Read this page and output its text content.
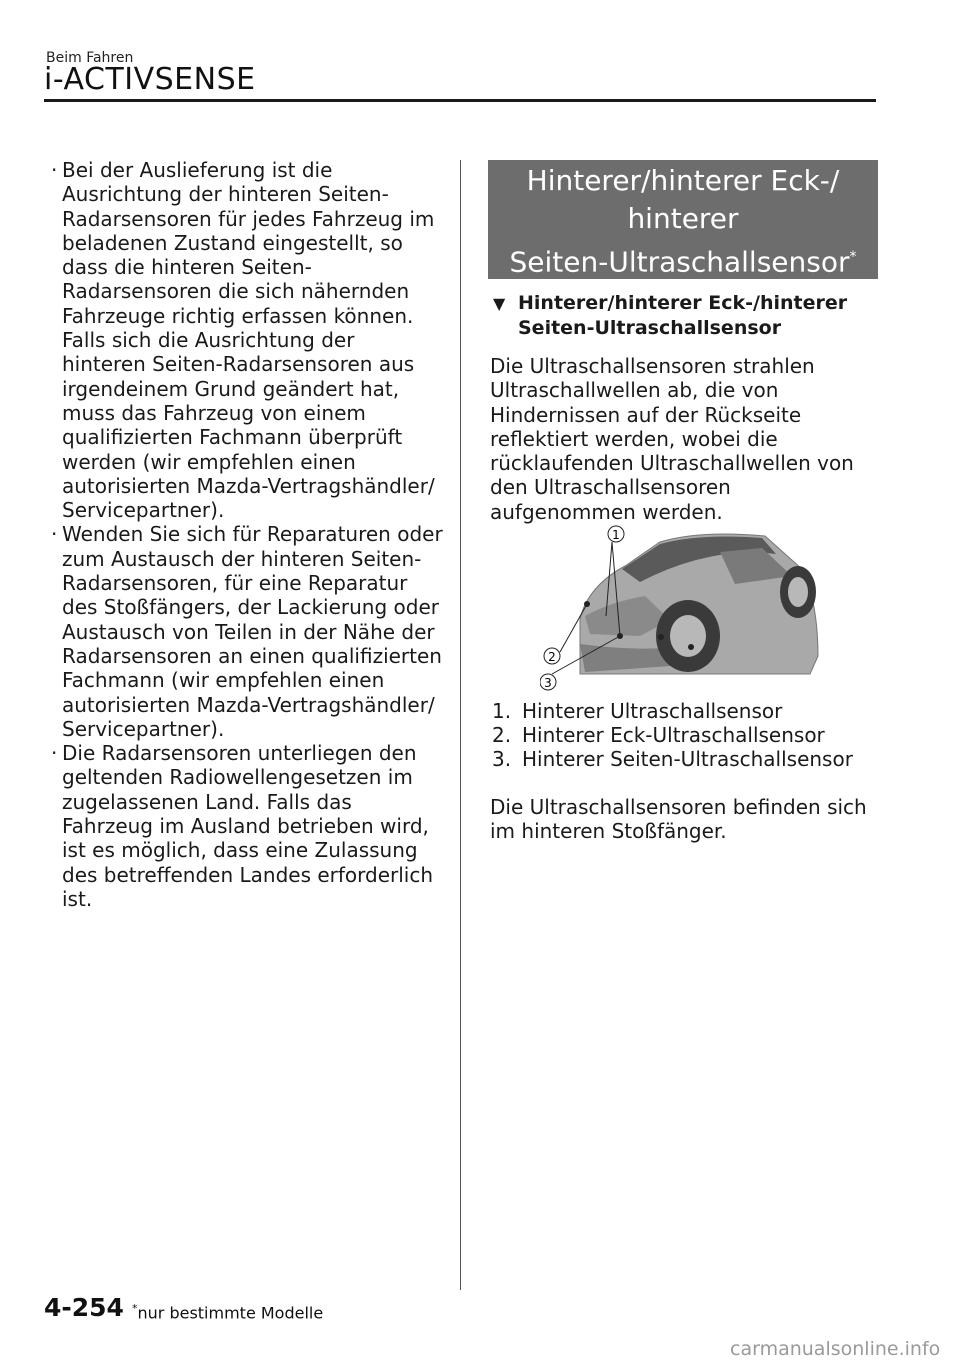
Beim Fahren
i-ACTIVSENSE

· Bei der Auslieferung ist die Ausrichtung der hinteren Seiten-Radarsensoren für jedes Fahrzeug im beladenen Zustand eingestellt, so dass die hinteren Seiten-Radarsensoren die sich nähernden Fahrzeuge richtig erfassen können. Falls sich die Ausrichtung der hinteren Seiten-Radarsensoren aus irgendeinem Grund geändert hat, muss das Fahrzeug von einem qualifizierten Fachmann überprüft werden (wir empfehlen einen autorisierten Mazda-Vertragshändler/ Servicepartner).

· Wenden Sie sich für Reparaturen oder zum Austausch der hinteren Seiten-Radarsensoren, für eine Reparatur des Stoßfängers, der Lackierung oder Austausch von Teilen in der Nähe der Radarsensoren an einen qualifizierten Fachmann (wir empfehlen einen autorisierten Mazda-Vertragshändler/ Servicepartner).

· Die Radarsensoren unterliegen den geltenden Radiowellengesetzen im zugelassenen Land. Falls das Fahrzeug im Ausland betrieben wird, ist es möglich, dass eine Zulassung des betreffenden Landes erforderlich ist.

Hinterer/hinterer Eck-/
hinterer
Seiten-Ultraschallsensor*

▼ Hinterer/hinterer Eck-/hinterer Seiten-Ultraschallsensor

Die Ultraschallsensoren strahlen Ultraschallwellen ab, die von Hindernissen auf der Rückseite reflektiert werden, wobei die rücklaufenden Ultraschallwellen von den Ultraschallsensoren aufgenommen werden.

1
2
3
1. Hinterer Ultraschallsensor
2. Hinterer Eck-Ultraschallsensor
3. Hinterer Seiten-Ultraschallsensor

Die Ultraschallsensoren befinden sich im hinteren Stoßfänger.

4-254 *nur bestimmte Modelle
carmanualsonline.info
